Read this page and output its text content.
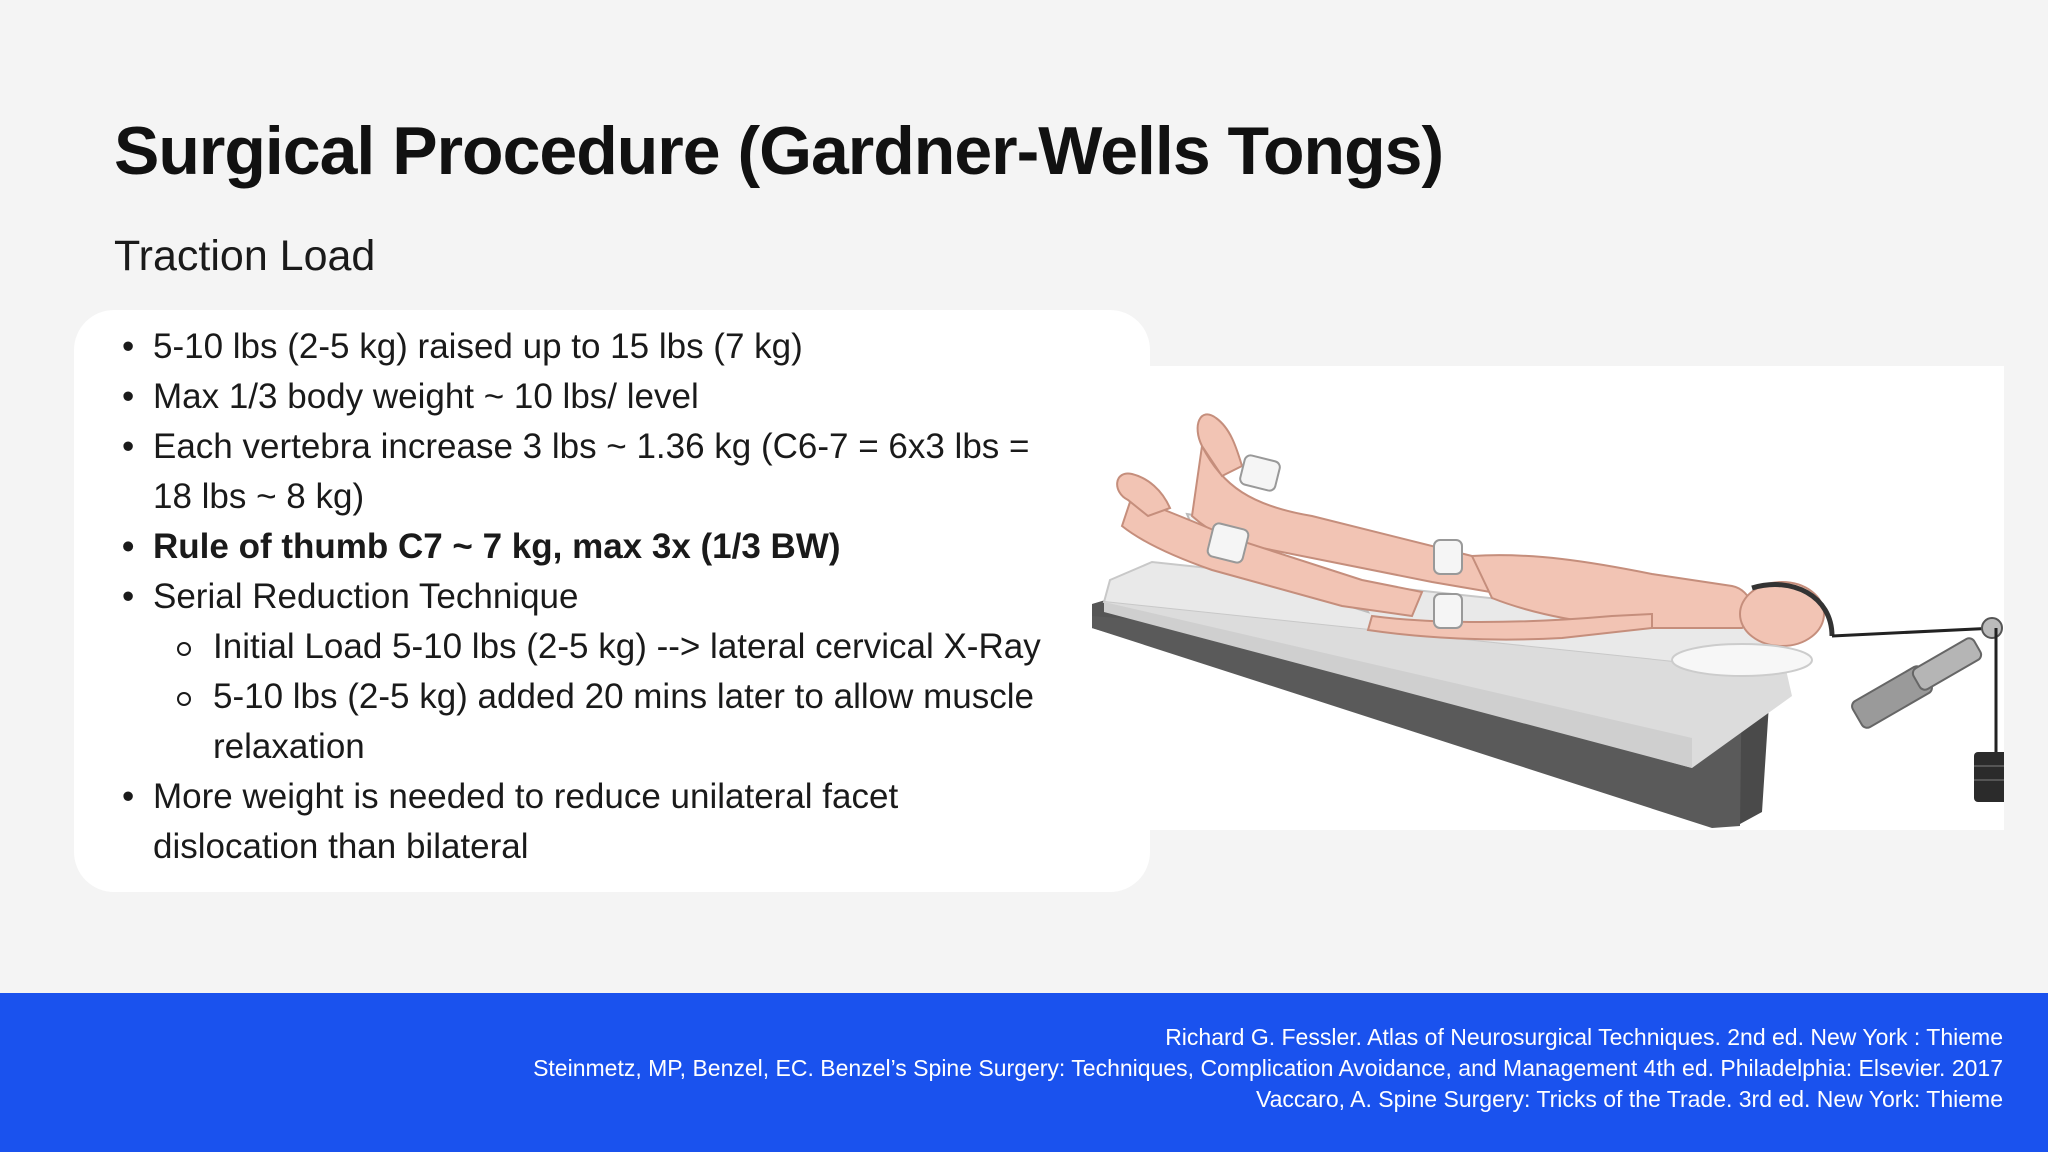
Surgical Procedure (Gardner-Wells Tongs)
Traction Load
• 5-10 lbs (2-5 kg) raised up to 15 lbs (7 kg)
• Max 1/3 body weight ~ 10 lbs/ level
• Each vertebra increase 3 lbs ~ 1.36 kg (C6-7 = 6x3 lbs = 18 lbs ~ 8 kg)
• Rule of thumb C7 ~ 7 kg, max 3x (1/3 BW)
• Serial Reduction Technique
Initial Load 5-10 lbs (2-5 kg) --> lateral cervical X-Ray
5-10 lbs (2-5 kg) added 20 mins later to allow muscle relaxation
• More weight is needed to reduce unilateral facet dislocation than bilateral
Richard G. Fessler. Atlas of Neurosurgical Techniques. 2nd ed. New York : Thieme
Steinmetz, MP, Benzel, EC. Benzel’s Spine Surgery: Techniques, Complication Avoidance, and Management 4th ed. Philadelphia: Elsevier. 2017
Vaccaro, A. Spine Surgery: Tricks of the Trade. 3rd ed. New York: Thieme
